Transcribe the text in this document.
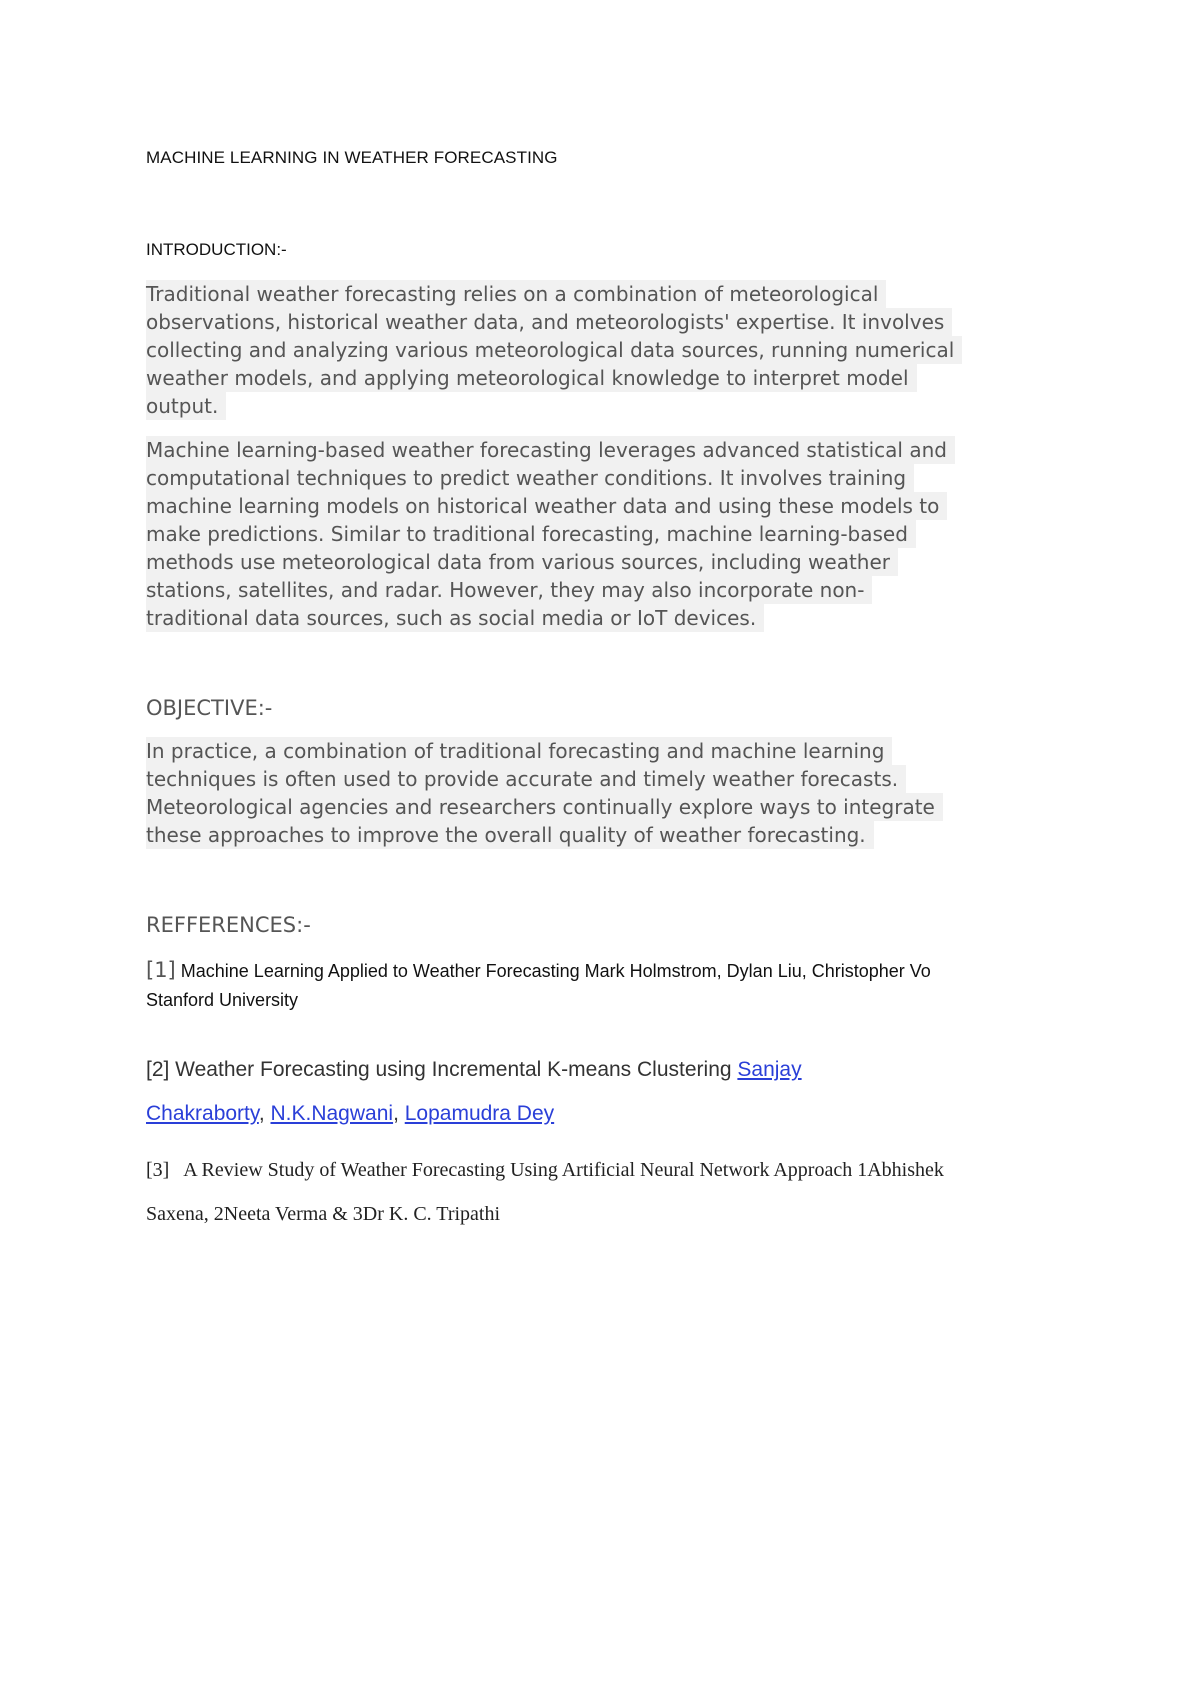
MACHINE LEARNING IN WEATHER FORECASTING
INTRODUCTION:-
Traditional weather forecasting relies on a combination of meteorological
observations, historical weather data, and meteorologists' expertise. It involves
collecting and analyzing various meteorological data sources, running numerical
weather models, and applying meteorological knowledge to interpret model
output.
Machine learning-based weather forecasting leverages advanced statistical and
computational techniques to predict weather conditions. It involves training
machine learning models on historical weather data and using these models to
make predictions. Similar to traditional forecasting, machine learning-based
methods use meteorological data from various sources, including weather
stations, satellites, and radar. However, they may also incorporate non-
traditional data sources, such as social media or IoT devices.
OBJECTIVE:-
In practice, a combination of traditional forecasting and machine learning
techniques is often used to provide accurate and timely weather forecasts.
Meteorological agencies and researchers continually explore ways to integrate
these approaches to improve the overall quality of weather forecasting.
REFFERENCES:-
[1] Machine Learning Applied to Weather Forecasting Mark Holmstrom, Dylan Liu, Christopher Vo
Stanford University
[2] Weather Forecasting using Incremental K-means Clustering Sanjay
Chakraborty, N.K.Nagwani, Lopamudra Dey
[3]   A Review Study of Weather Forecasting Using Artificial Neural Network Approach 1Abhishek
Saxena, 2Neeta Verma & 3Dr K. C. Tripathi
